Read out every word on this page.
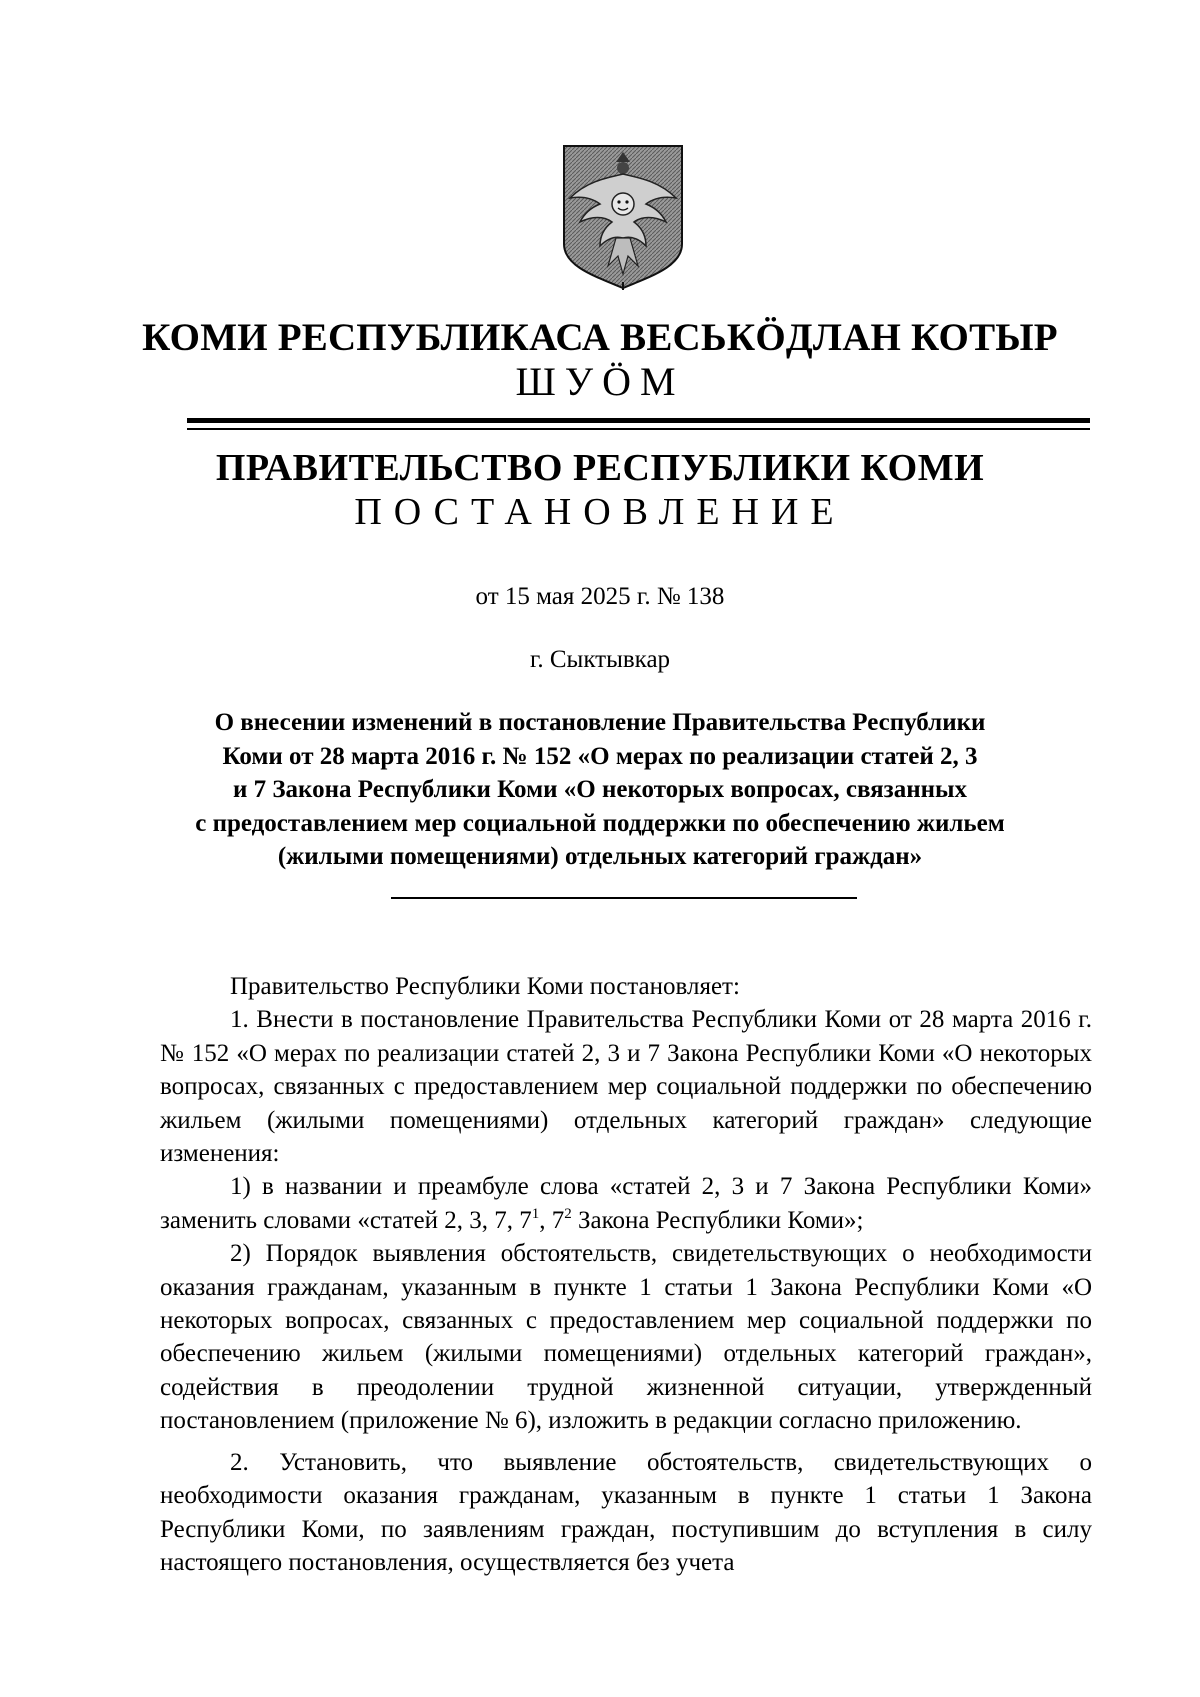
КОМИ РЕСПУБЛИКАСА ВЕСЬКӦДЛАН КОТЫР
ШУӦМ
ПРАВИТЕЛЬСТВО РЕСПУБЛИКИ КОМИ
ПОСТАНОВЛЕНИЕ
от 15 мая 2025 г. № 138
г. Сыктывкар
О внесении изменений в постановление Правительства Республики
Коми от 28 марта 2016 г. № 152 «О мерах по реализации статей 2, 3
и 7 Закона Республики Коми «О некоторых вопросах, связанных
с предоставлением мер социальной поддержки по обеспечению жильем
(жилыми помещениями) отдельных категорий граждан»

Правительство Республики Коми постановляет:

1. Внести в постановление Правительства Республики Коми от 28 марта 2016 г. № 152 «О мерах по реализации статей 2, 3 и 7 Закона Республики Коми «О некоторых вопросах, связанных с предоставлением мер социальной поддержки по обеспечению жильем (жилыми помещениями) отдельных категорий граждан» следующие изменения:

1) в названии и преамбуле слова «статей 2, 3 и 7 Закона Республики Коми» заменить словами «статей 2, 3, 7, $7^1$, $7^2$ Закона Республики Коми»;

2) Порядок выявления обстоятельств, свидетельствующих о необходимости оказания гражданам, указанным в пункте 1 статьи 1 Закона Республики Коми «О некоторых вопросах, связанных с предоставлением мер социальной поддержки по обеспечению жильем (жилыми помещениями) отдельных категорий граждан», содействия в преодолении трудной жизненной ситуации, утвержденный постановлением (приложение № 6), изложить в редакции согласно приложению.

2. Установить, что выявление обстоятельств, свидетельствующих о необходимости оказания гражданам, указанным в пункте 1 статьи 1 Закона Республики Коми, по заявлениям граждан, поступившим до вступления в силу настоящего постановления, осуществляется без учета
